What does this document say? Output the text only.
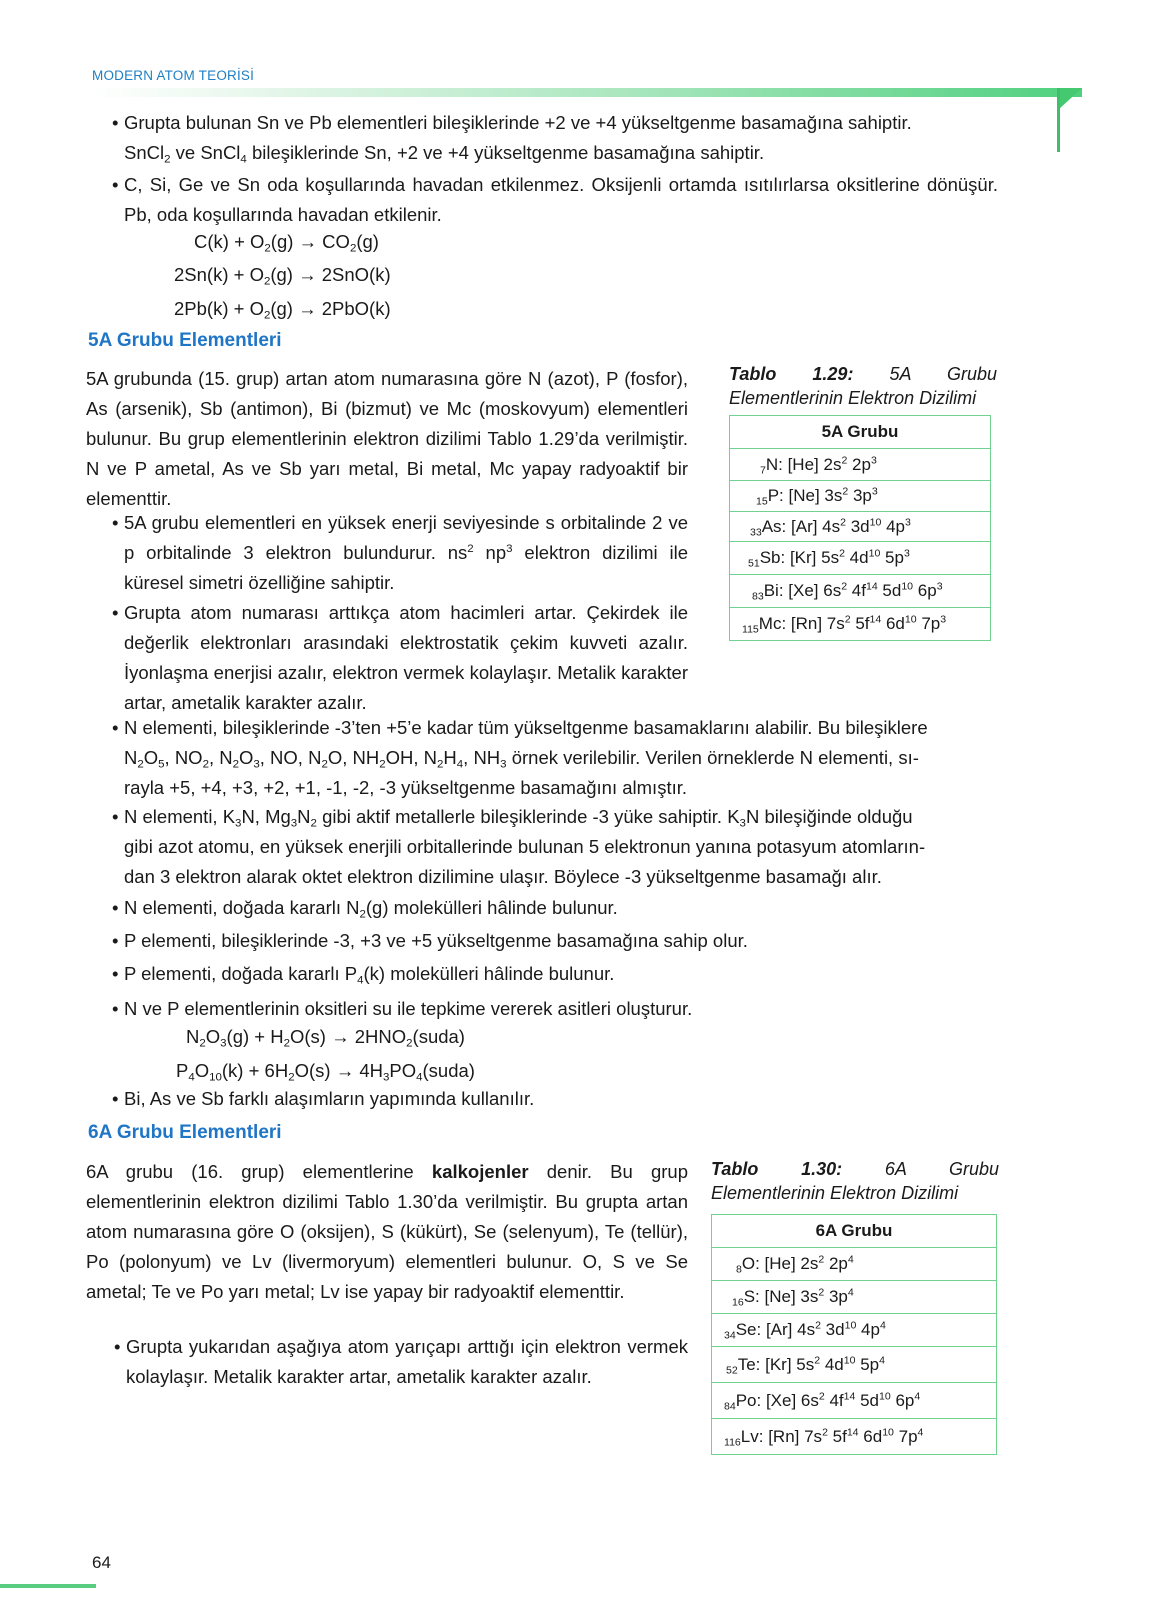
MODERN ATOM TEORİSİ
• Grupta bulunan Sn ve Pb elementleri bileşiklerinde +2 ve +4 yükseltgenme basamağına sahiptir.
SnCl$_2$ ve SnCl$_4$ bileşiklerinde Sn, +2 ve +4 yükseltgenme basamağına sahiptir.
• C, Si, Ge ve Sn oda koşullarında havadan etkilenmez. Oksijenli ortamda ısıtılırlarsa oksitlerine dönüşür. Pb, oda koşullarında havadan etkilenir.
$C(k) + O_2(g) \to CO_2(g)$
$2Sn(k) + O_2(g) \to 2SnO(k)$
$2Pb(k) + O_2(g) \to 2PbO(k)$
5A Grubu Elementleri
5A grubunda (15. grup) artan atom numarasına göre N (azot), P (fosfor), As (arsenik), Sb (antimon), Bi (bizmut) ve Mc (moskovyum) elementleri bulunur. Bu grup elementlerinin elektron dizilimi Tablo 1.29’da verilmiştir. N ve P ametal, As ve Sb yarı metal, Bi metal, Mc yapay radyoaktif bir elementtir.
• 5A grubu elementleri en yüksek enerji seviyesinde s orbitalinde 2 ve p orbitalinde 3 elektron bulundurur. $ns^2$ $np^3$ elektron dizilimi ile küresel simetri özelliğine sahiptir.
• Grupta atom numarası arttıkça atom hacimleri artar. Çekirdek ile değerlik elektronları arasındaki elektrostatik çekim kuvveti azalır. İyonlaşma enerjisi azalır, elektron vermek kolaylaşır. Metalik karakter artar, ametalik karakter azalır.
• N elementi, bileşiklerinde -3’ten +5’e kadar tüm yükseltgenme basamaklarını alabilir. Bu bileşiklere
$N_2O_5$, $NO_2$, $N_2O_3$, NO, $N_2O$, $NH_2OH$, $N_2H_4$, $NH_3$ örnek verilebilir. Verilen örneklerde N elementi, sı-
rayla +5, +4, +3, +2, +1, -1, -2, -3 yükseltgenme basamağını almıştır.
• N elementi, $K_3N$, $Mg_3N_2$ gibi aktif metallerle bileşiklerinde -3 yüke sahiptir. $K_3N$ bileşiğinde olduğu
gibi azot atomu, en yüksek enerjili orbitallerinde bulunan 5 elektronun yanına potasyum atomların-
dan 3 elektron alarak oktet elektron dizilimine ulaşır. Böylece -3 yükseltgenme basamağı alır.
• N elementi, doğada kararlı $N_2(g)$ molekülleri hâlinde bulunur.
• P elementi, bileşiklerinde -3, +3 ve +5 yükseltgenme basamağına sahip olur.
• P elementi, doğada kararlı $P_4(k)$ molekülleri hâlinde bulunur.
• N ve P elementlerinin oksitleri su ile tepkime vererek asitleri oluşturur.
$N_2O_3(g) + H_2O(s)$ → $2HNO_2(suda)$
$P_4O_{10}(k) + 6H_2O(s)$ → $4H_3PO_4(suda)$
• Bi, As ve Sb farklı alaşımların yapımında kullanılır.
Tablo 1.29: 5A Grubu Elementlerinin Elektron Dizilimi
5A Grubu
$_7$N: [He] $2s^2$ $2p^3$
$_{15}$P: [Ne] $3s^2$ $3p^3$
$_{33}$As: [Ar] $4s^2$ $3d^{10}$ $4p^3$
$_{51}$Sb: [Kr] $5s^2$ $4d^{10}$ $5p^3$
$_{83}$Bi: [Xe] $6s^2$ $4f^{14}$ $5d^{10}$ $6p^3$
$_{115}$Mc: [Rn] $7s^2$ $5f^{14}$ $6d^{10}$ $7p^3$
6A Grubu Elementleri
6A grubu (16. grup) elementlerine kalkojenler denir. Bu grup elementlerinin elektron dizilimi Tablo 1.30’da verilmiştir. Bu grupta artan atom numarasına göre O (oksijen), S (kükürt), Se (selenyum), Te (tellür), Po (polonyum) ve Lv (livermoryum) elementleri bulunur. O, S ve Se ametal; Te ve Po yarı metal; Lv ise yapay bir radyoaktif elementtir.
• Grupta yukarıdan aşağıya atom yarıçapı arttığı için elektron vermek kolaylaşır. Metalik karakter artar, ametalik karakter azalır.
Tablo 1.30: 6A Grubu Elementlerinin Elektron Dizilimi
6A Grubu
$_8$O: [He] $2s^2$ $2p^4$
$_{16}$S: [Ne] $3s^2$ $3p^4$
$_{34}$Se: [Ar] $4s^2$ $3d^{10}$ $4p^4$
$_{52}$Te: [Kr] $5s^2$ $4d^{10}$ $5p^4$
$_{84}$Po: [Xe] $6s^2$ $4f^{14}$ $5d^{10}$ $6p^4$
$_{116}$Lv: [Rn] $7s^2$ $5f^{14}$ $6d^{10}$ $7p^4$
64
